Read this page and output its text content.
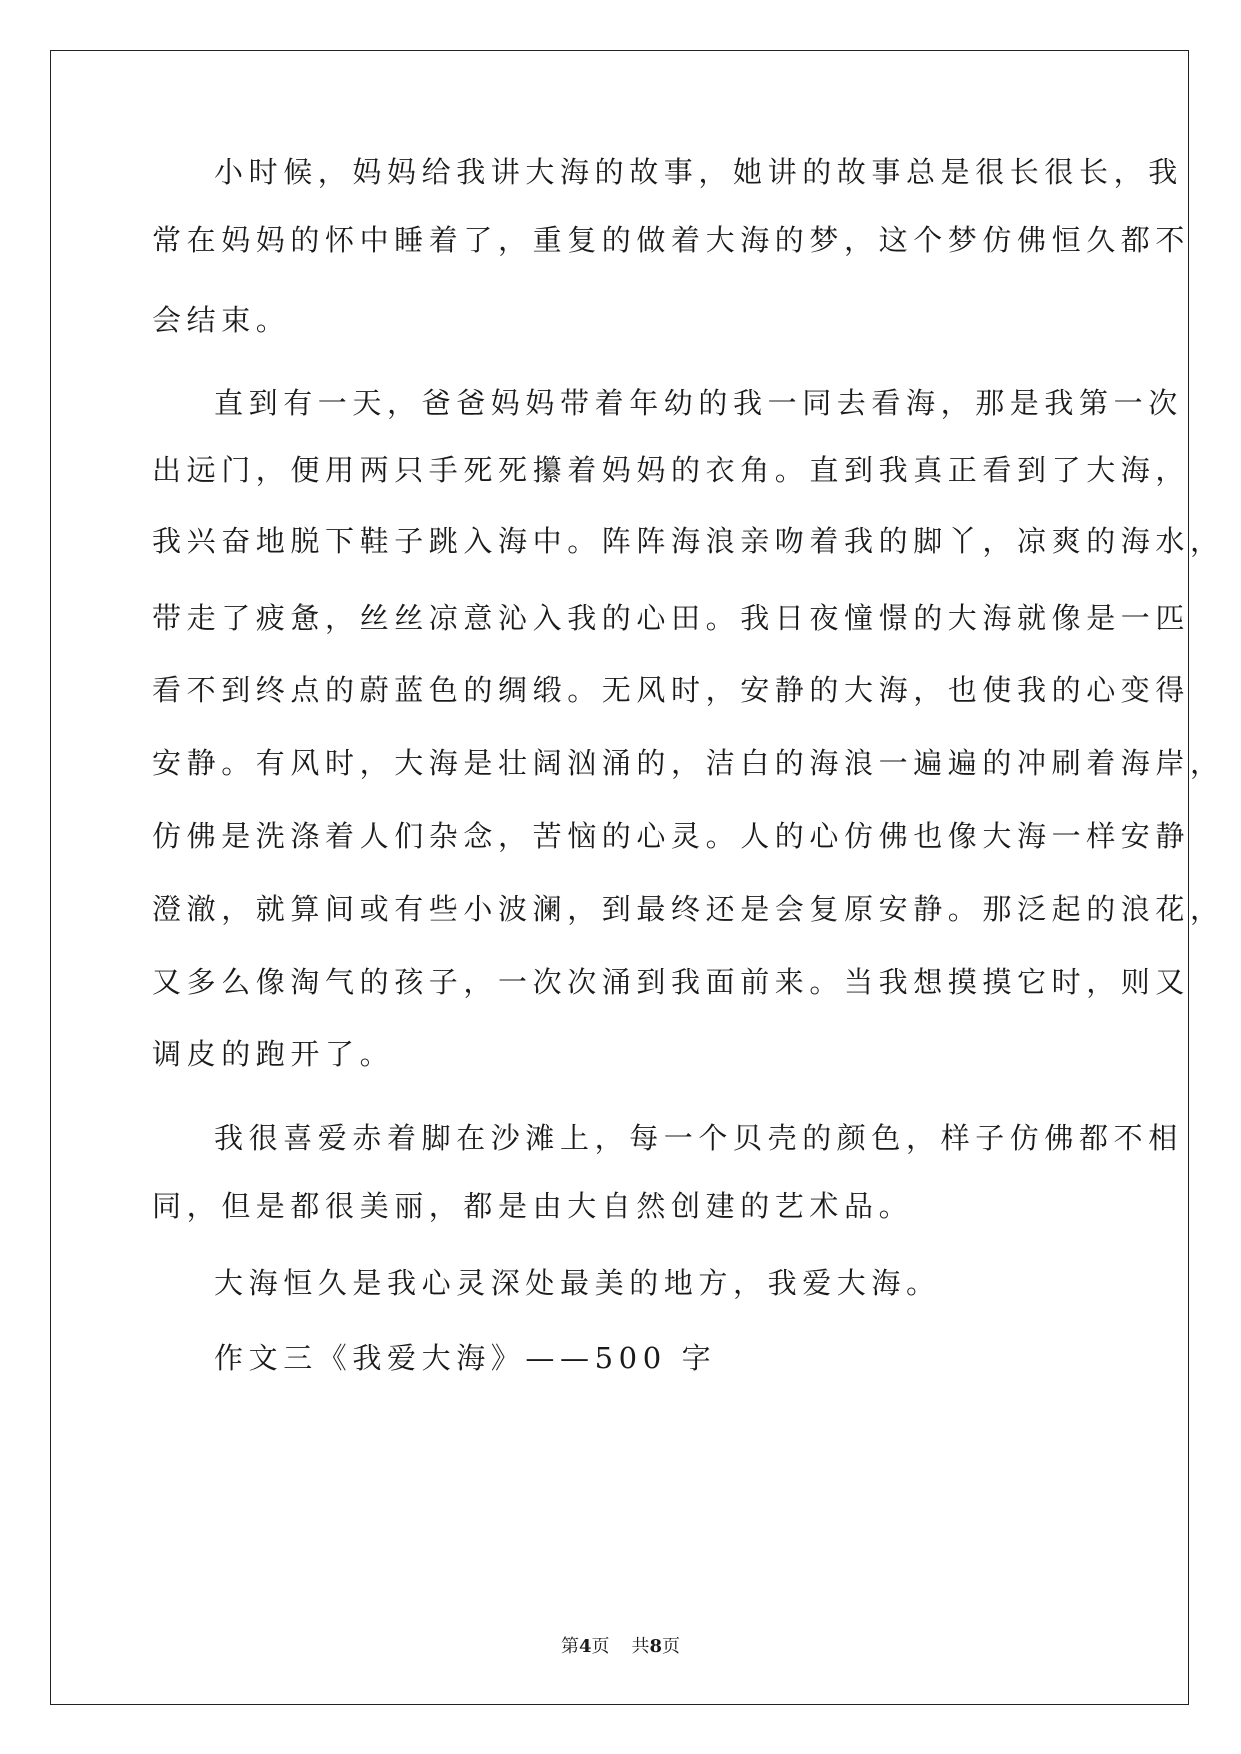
小时候，妈妈给我讲大海的故事，她讲的故事总是很长很长，我
常在妈妈的怀中睡着了，重复的做着大海的梦，这个梦仿佛恒久都不
会结束。
直到有一天，爸爸妈妈带着年幼的我一同去看海，那是我第一次
出远门，便用两只手死死攥着妈妈的衣角。直到我真正看到了大海，
我兴奋地脱下鞋子跳入海中。阵阵海浪亲吻着我的脚丫，凉爽的海水，
带走了疲惫，丝丝凉意沁入我的心田。我日夜憧憬的大海就像是一匹
看不到终点的蔚蓝色的绸缎。无风时，安静的大海，也使我的心变得
安静。有风时，大海是壮阔汹涌的，洁白的海浪一遍遍的冲刷着海岸，
仿佛是洗涤着人们杂念，苦恼的心灵。人的心仿佛也像大海一样安静
澄澈，就算间或有些小波澜，到最终还是会复原安静。那泛起的浪花，
又多么像淘气的孩子，一次次涌到我面前来。当我想摸摸它时，则又
调皮的跑开了。
我很喜爱赤着脚在沙滩上，每一个贝壳的颜色，样子仿佛都不相
同，但是都很美丽，都是由大自然创建的艺术品。
大海恒久是我心灵深处最美的地方，我爱大海。
作文三《我爱大海》——500 字
第4页 共8页
